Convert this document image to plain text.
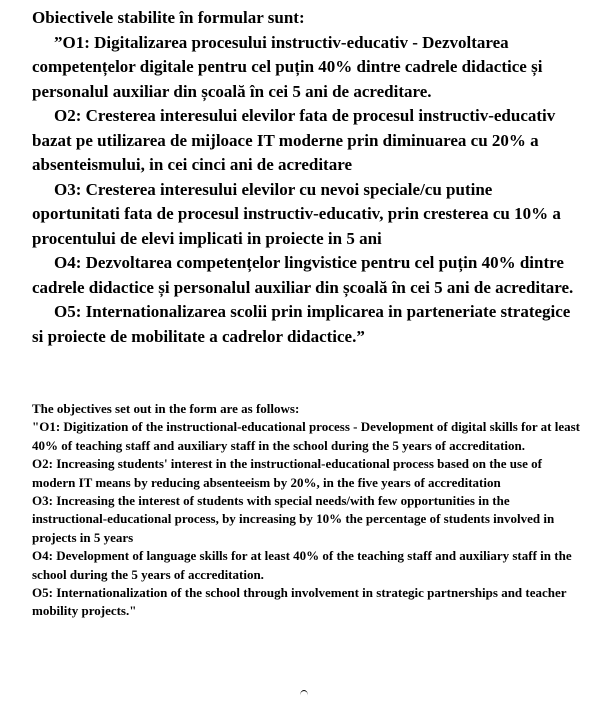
Obiectivele stabilite în formular sunt:
”O1: Digitalizarea procesului instructiv-educativ - Dezvoltarea competențelor digitale pentru cel puțin 40% dintre cadrele didactice și personalul auxiliar din școală în cei 5 ani de acreditare.
O2: Cresterea interesului elevilor fata de procesul instructiv-educativ bazat pe utilizarea de mijloace IT moderne prin diminuarea cu 20% a absenteismului, in cei cinci ani de acreditare
O3: Cresterea interesului elevilor cu nevoi speciale/cu putine oportunitati fata de procesul instructiv-educativ, prin cresterea cu 10% a procentului de elevi implicati in proiecte in 5 ani
O4: Dezvoltarea competențelor lingvistice pentru cel puțin 40% dintre cadrele didactice și personalul auxiliar din școală în cei 5 ani de acreditare.
O5: Internationalizarea scolii prin implicarea in parteneriate strategice si proiecte de mobilitate a cadrelor didactice.”
The objectives set out in the form are as follows:
"O1: Digitization of the instructional-educational process - Development of digital skills for at least 40% of teaching staff and auxiliary staff in the school during the 5 years of accreditation.
O2: Increasing students' interest in the instructional-educational process based on the use of modern IT means by reducing absenteeism by 20%, in the five years of accreditation
O3: Increasing the interest of students with special needs/with few opportunities in the instructional-educational process, by increasing by 10% the percentage of students involved in projects in 5 years
O4: Development of language skills for at least 40% of the teaching staff and auxiliary staff in the school during the 5 years of accreditation.
O5: Internationalization of the school through involvement in strategic partnerships and teacher mobility projects."
